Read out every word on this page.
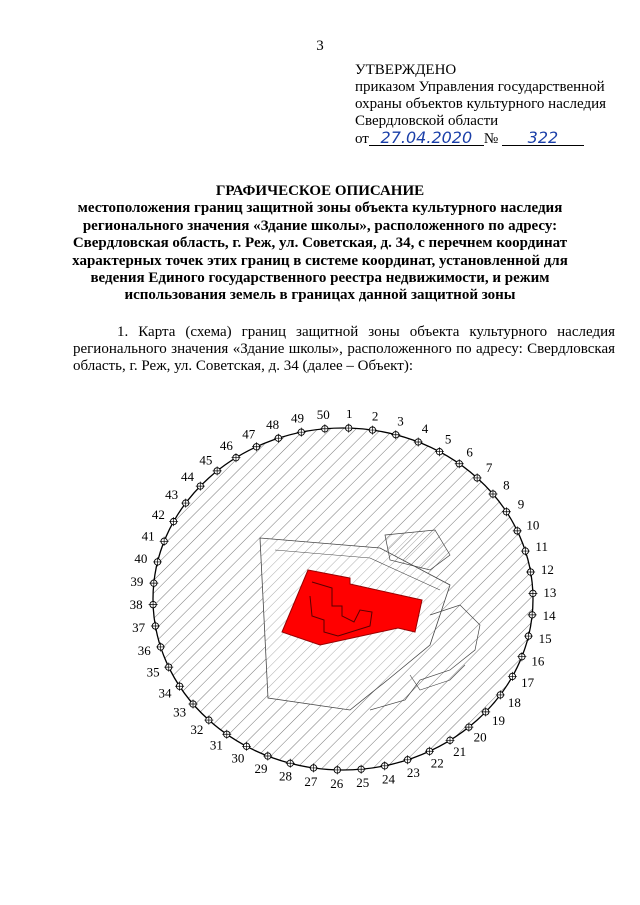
3
УТВЕРЖДЕНО
приказом Управления государственной
охраны объектов культурного наследия
Свердловской области
от 27.04.2020 № 322
ГРАФИЧЕСКОЕ ОПИСАНИЕ
местоположения границ защитной зоны объекта культурного наследия
регионального значения «Здание школы», расположенного по адресу:
Свердловская область, г. Реж, ул. Советская, д. 34, с перечнем координат
характерных точек этих границ в системе координат, установленной для
ведения Единого государственного реестра недвижимости, и режим
использования земель в границах данной защитной зоны
1. Карта (схема) границ защитной зоны объекта культурного наследия регионального значения «Здание школы», расположенного по адресу: Свердловская область, г. Реж, ул. Советская, д. 34 (далее – Объект):
1 2 3
4
5
6
7
8
9
10
11
12
13
14
15
16
17
18
19
20
21
22
23
24
25
26
27
28
29
30
31
32
33
34
35
36
37
38
39
40
41
42
43
44
45
46
47
48 49 50
